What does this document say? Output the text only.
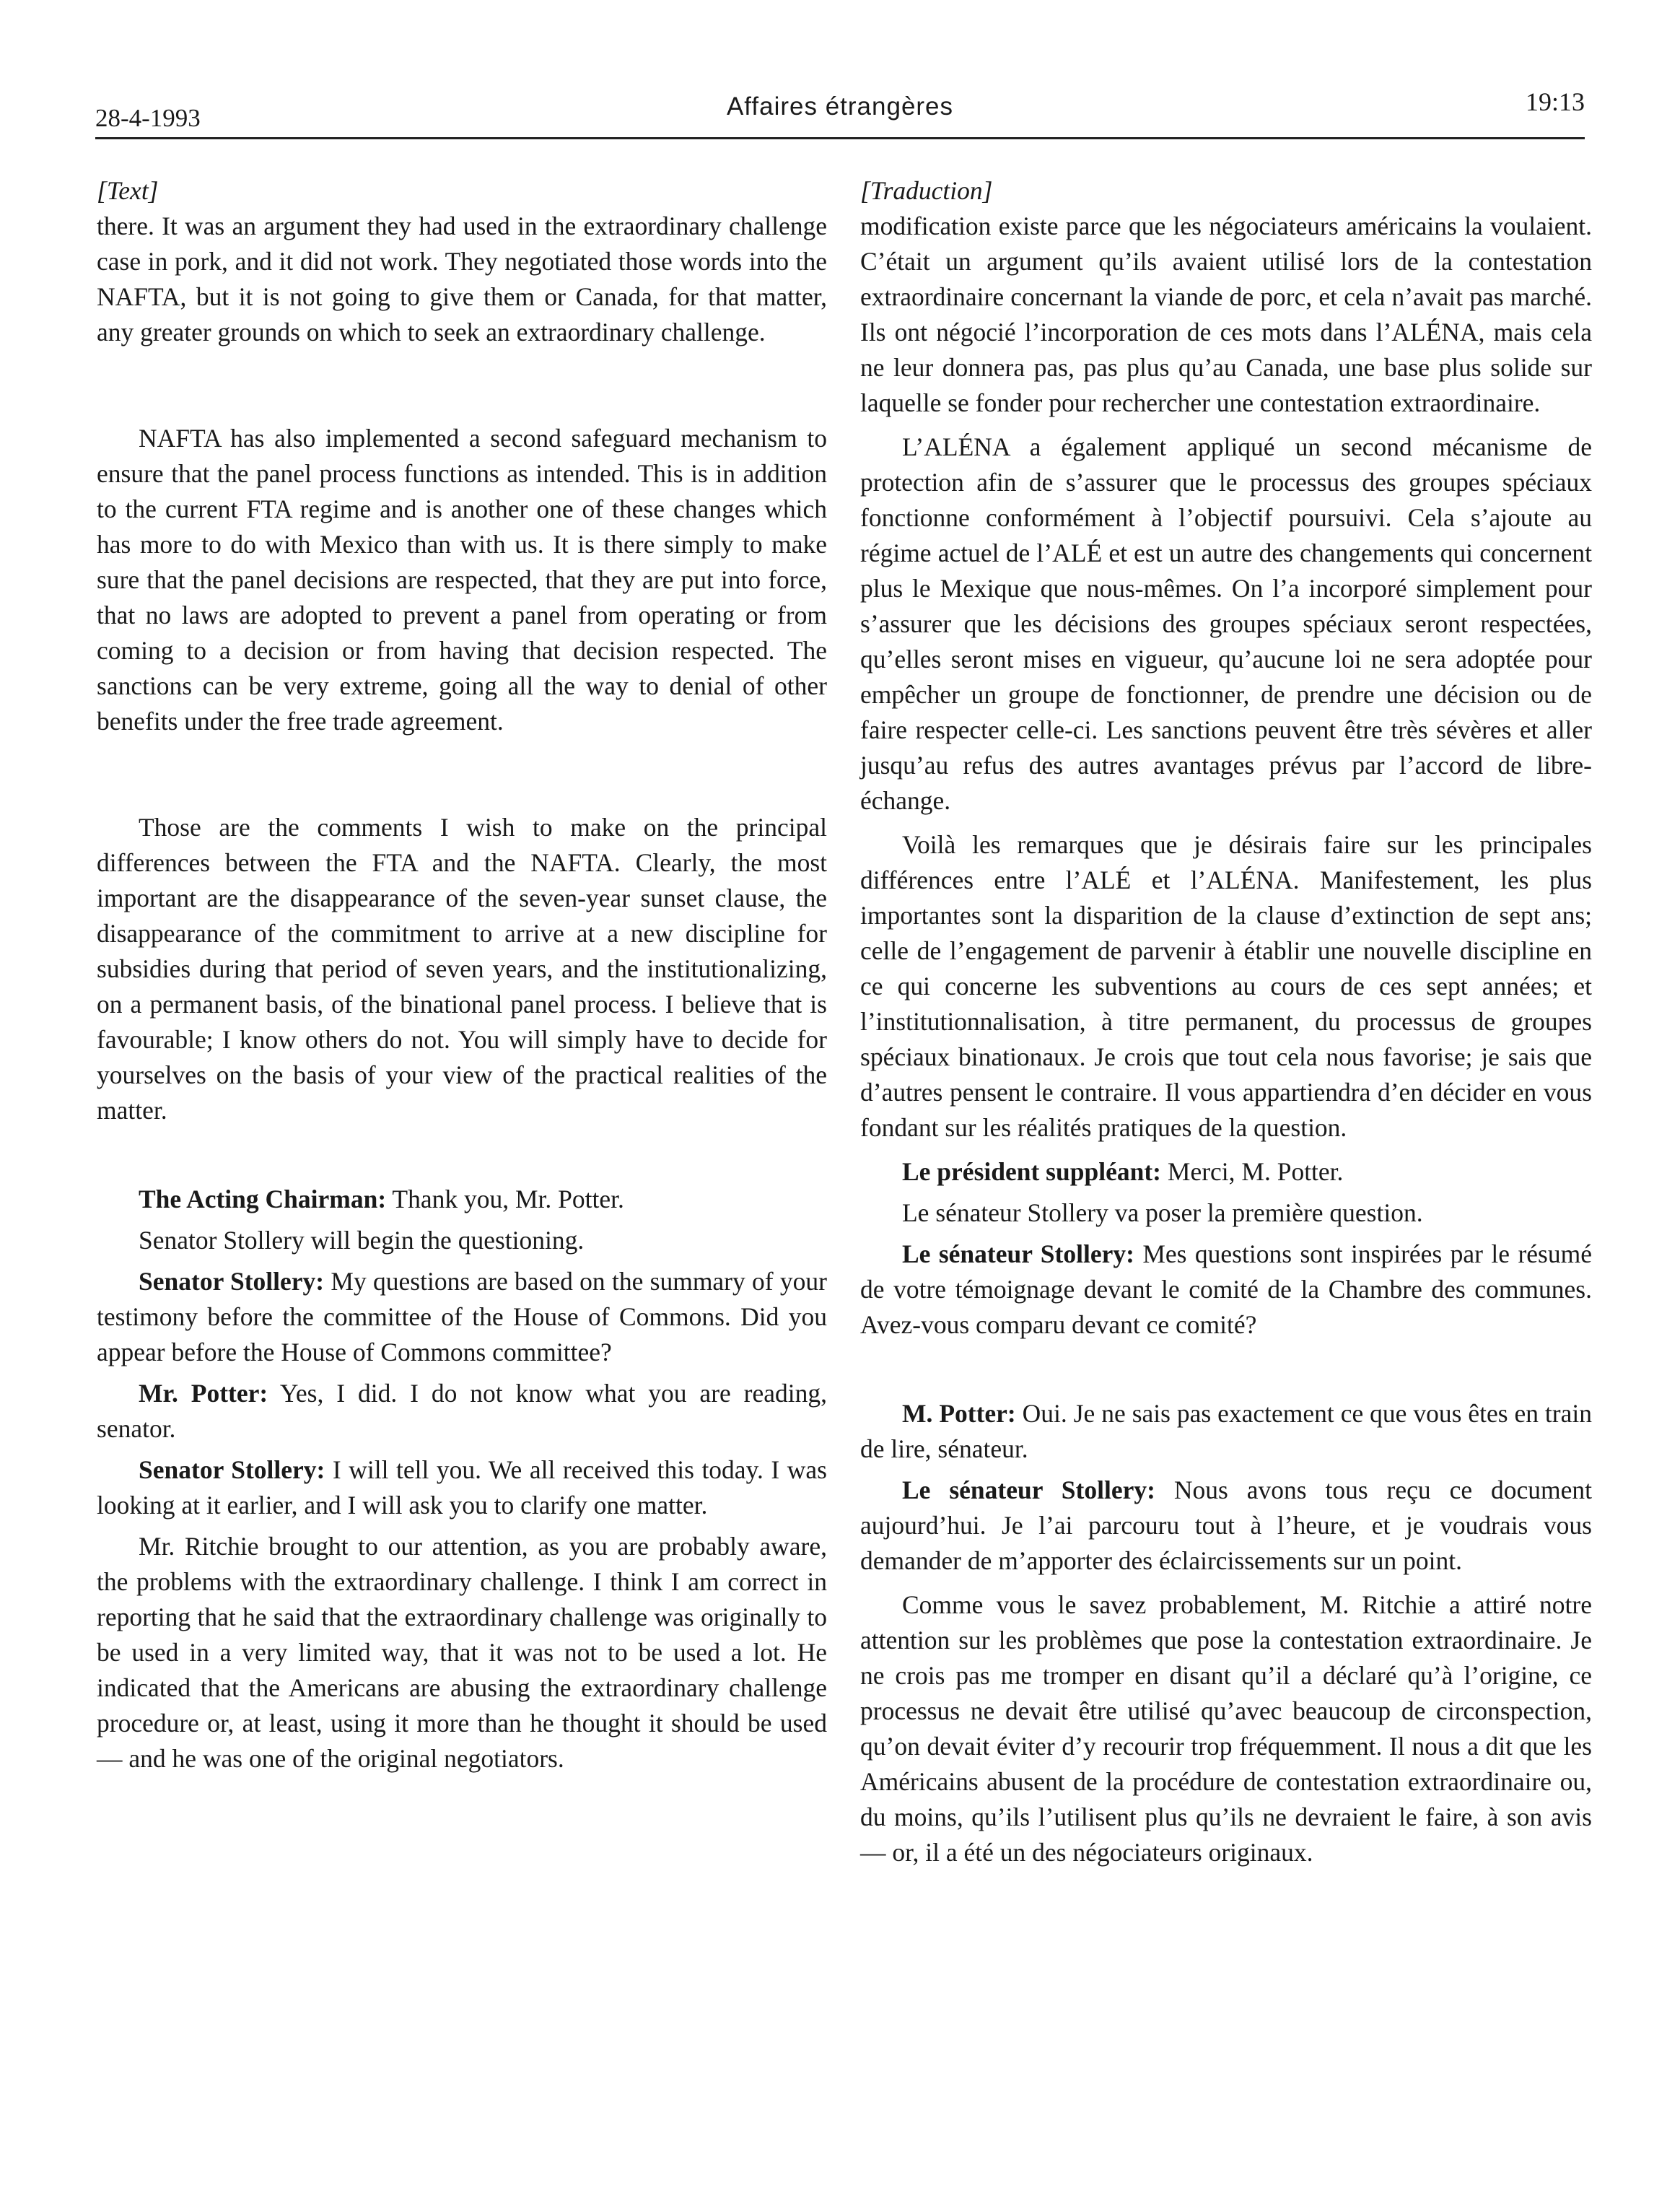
28-4-1993	Affaires étrangères	19:13
[Text]

there. It was an argument they had used in the extraordinary challenge case in pork, and it did not work. They negotiated those words into the NAFTA, but it is not going to give them or Canada, for that matter, any greater grounds on which to seek an extraordinary challenge.

NAFTA has also implemented a second safeguard mechanism to ensure that the panel process functions as intended. This is in addition to the current FTA regime and is another one of these changes which has more to do with Mexico than with us. It is there simply to make sure that the panel decisions are respected, that they are put into force, that no laws are adopted to prevent a panel from operating or from coming to a decision or from having that decision respected. The sanctions can be very extreme, going all the way to denial of other benefits under the free trade agreement.

Those are the comments I wish to make on the principal differences between the FTA and the NAFTA. Clearly, the most important are the disappearance of the seven-year sunset clause, the disappearance of the commitment to arrive at a new discipline for subsidies during that period of seven years, and the institutionalizing, on a permanent basis, of the binational panel process. I believe that is favourable; I know others do not. You will simply have to decide for yourselves on the basis of your view of the practical realities of the matter.

The Acting Chairman: Thank you, Mr. Potter.

Senator Stollery will begin the questioning.

Senator Stollery: My questions are based on the summary of your testimony before the committee of the House of Commons. Did you appear before the House of Commons committee?

Mr. Potter: Yes, I did. I do not know what you are reading, senator.

Senator Stollery: I will tell you. We all received this today. I was looking at it earlier, and I will ask you to clarify one matter.

Mr. Ritchie brought to our attention, as you are probably aware, the problems with the extraordinary challenge. I think I am correct in reporting that he said that the extraordinary challenge was originally to be used in a very limited way, that it was not to be used a lot. He indicated that the Americans are abusing the extraordinary challenge procedure or, at least, using it more than he thought it should be used — and he was one of the original negotiators.

[Traduction]

modification existe parce que les négociateurs américains la voulaient. C’était un argument qu’ils avaient utilisé lors de la contestation extraordinaire concernant la viande de porc, et cela n’avait pas marché. Ils ont négocié l’incorporation de ces mots dans l’ALÉNA, mais cela ne leur donnera pas, pas plus qu’au Canada, une base plus solide sur laquelle se fonder pour rechercher une contestation extraordinaire.

L’ALÉNA a également appliqué un second mécanisme de protection afin de s’assurer que le processus des groupes spéciaux fonctionne conformément à l’objectif poursuivi. Cela s’ajoute au régime actuel de l’ALÉ et est un autre des changements qui concernent plus le Mexique que nous-mêmes. On l’a incorporé simplement pour s’assurer que les décisions des groupes spéciaux seront respectées, qu’elles seront mises en vigueur, qu’aucune loi ne sera adoptée pour empêcher un groupe de fonctionner, de prendre une décision ou de faire respecter celle-ci. Les sanctions peuvent être très sévères et aller jusqu’au refus des autres avantages prévus par l’accord de libre-échange.

Voilà les remarques que je désirais faire sur les principales différences entre l’ALÉ et l’ALÉNA. Manifestement, les plus importantes sont la disparition de la clause d’extinction de sept ans; celle de l’engagement de parvenir à établir une nouvelle discipline en ce qui concerne les subventions au cours de ces sept années; et l’institutionnalisation, à titre permanent, du processus de groupes spéciaux binationaux. Je crois que tout cela nous favorise; je sais que d’autres pensent le contraire. Il vous appartiendra d’en décider en vous fondant sur les réalités pratiques de la question.

Le président suppléant: Merci, M. Potter.

Le sénateur Stollery va poser la première question.

Le sénateur Stollery: Mes questions sont inspirées par le résumé de votre témoignage devant le comité de la Chambre des communes. Avez-vous comparu devant ce comité?

M. Potter: Oui. Je ne sais pas exactement ce que vous êtes en train de lire, sénateur.

Le sénateur Stollery: Nous avons tous reçu ce document aujourd’hui. Je l’ai parcouru tout à l’heure, et je voudrais vous demander de m’apporter des éclaircissements sur un point.

Comme vous le savez probablement, M. Ritchie a attiré notre attention sur les problèmes que pose la contestation extraordinaire. Je ne crois pas me tromper en disant qu’il a déclaré qu’à l’origine, ce processus ne devait être utilisé qu’avec beaucoup de circonspection, qu’on devait éviter d’y recourir trop fréquemment. Il nous a dit que les Américains abusent de la procédure de contestation extraordinaire ou, du moins, qu’ils l’utilisent plus qu’ils ne devraient le faire, à son avis — or, il a été un des négociateurs originaux.
